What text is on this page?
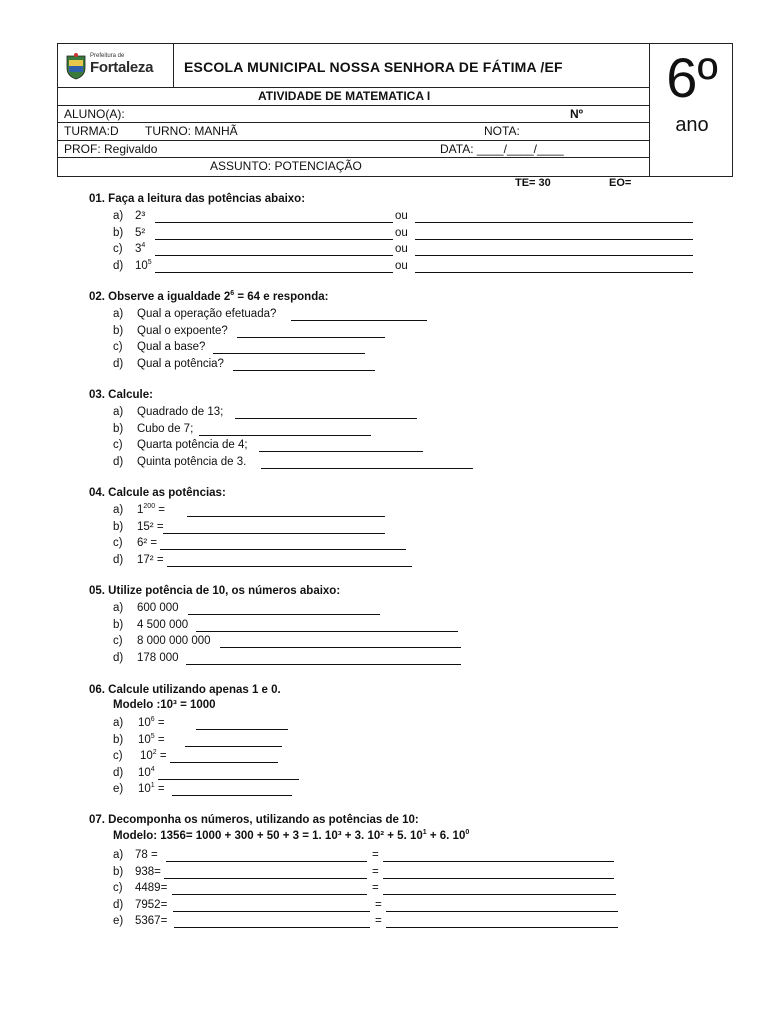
Prefeitura de
Fortaleza ESCOLA MUNICIPAL NOSSA SENHORA DE FÁTIMA /EF 6º
ano
ATIVIDADE DE MATEMATICA I
ALUNO(A):	Nº
TURMA:D TURNO: MANHÃ	NOTA:
PROF: Regivaldo	DATA: ____/____/____
ASSUNTO: POTENCIAÇÃO
TE= 30	EO=
01. Faça a leitura das potências abaixo:
a) 2³	ou
b) 5²	ou
c) $3^4$	ou
d) $10^5$	ou
02. Observe a igualdade $2^6 = 64$ e responda:
a) Qual a operação efetuada?
b) Qual o expoente?
c) Qual a base?
d) Qual a potência?
03. Calcule:
a) Quadrado de 13;
b) Cubo de 7;
c) Quarta potência de 4;
d) Quinta potência de 3.
04. Calcule as potências:
a) $1^{200}$ =
b) 15² =
c) 6² =
d) 17² =
05. Utilize potência de 10, os números abaixo:
a) 600 000
b) 4 500 000
c) 8 000 000 000
d) 178 000
06. Calcule utilizando apenas 1 e 0.
Modelo :10³ = 1000
a) $10^6$ =
b) $10^5$ =
c) $10^2$ =
d) $10^4$
e) $10^1$ =
07. Decomponha os números, utilizando as potências de 10:
Modelo: 1356= 1000 + 300 + 50 + 3 = 1. 10³ + 3. 10² + 5. $10^1 + 6$. $10^0$
a) 78 =	=
b) 938=	=
c) 4489=	=
d) 7952=	=
e) 5367=	=
